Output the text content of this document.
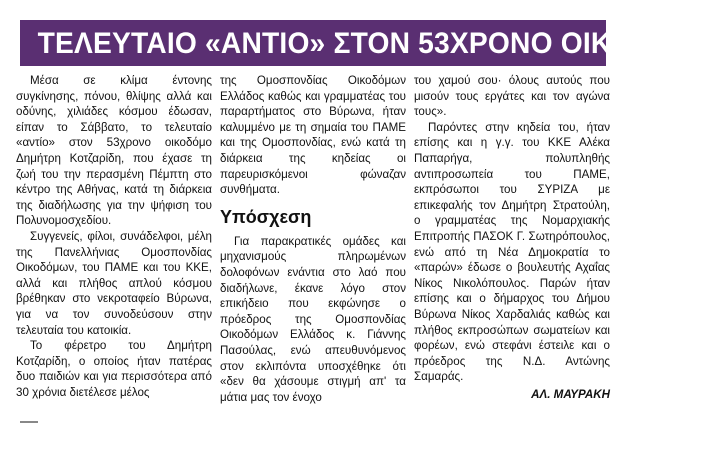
ΤΕΛΕΥΤΑΙΟ «ΑΝΤΙΟ» ΣΤΟΝ 53ΧΡΟΝΟ ΟΙΚΟΔΟΜΟ

Μέσα σε κλίμα έντονης συγκίνησης, πόνου, θλίψης αλλά και οδύνης, χιλιάδες κόσμου έδωσαν, είπαν το Σάββατο, το τελευταίο «αντίο» στον 53χρονο οικοδόμο Δημήτρη Κοτζαρίδη, που έχασε τη ζωή του την περασμένη Πέμπτη στο κέντρο της Αθήνας, κατά τη διάρκεια της διαδήλωσης για την ψήφιση του Πολυνομοσχεδίου.

Συγγενείς, φίλοι, συνάδελφοι, μέλη της Πανελλήνιας Ομοσπονδίας Οικοδόμων, του ΠΑΜΕ και του ΚΚΕ, αλλά και πλήθος απλού κόσμου βρέθηκαν στο νεκροταφείο Βύρωνα, για να τον συνοδεύσουν στην τελευταία του κατοικία.

Το φέρετρο του Δημήτρη Κοτζαρίδη, ο οποίος ήταν πατέρας δυο παιδιών και για περισσότερα από 30 χρόνια διετέλεσε μέλος

της Ομοσπονδίας Οικοδόμων Ελλάδος καθώς και γραμματέας του παραρτήματος στο Βύρωνα, ήταν καλυμμένο με τη σημαία του ΠΑΜΕ και της Ομοσπονδίας, ενώ κατά τη διάρκεια της κηδείας οι παρευρισκόμενοι φώναζαν συνθήματα.

Υπόσχεση

Για παρακρατικές ομάδες και μηχανισμούς πληρωμένων δολοφόνων ενάντια στο λαό που διαδήλωνε, έκανε λόγο στον επικήδειο που εκφώνησε ο πρόεδρος της Ομοσπονδίας Οικοδόμων Ελλάδος κ. Γιάννης Πασούλας, ενώ απευθυνόμενος στον εκλιπόντα υποσχέθηκε ότι «δεν θα χάσουμε στιγμή απ' τα μάτια μας τον ένοχο

του χαμού σου· όλους αυτούς που μισούν τους εργάτες και τον αγώνα τους».

Παρόντες στην κηδεία του, ήταν επίσης και η γ.γ. του ΚΚΕ Αλέκα Παπαρήγα, πολυπληθής αντιπροσωπεία του ΠΑΜΕ, εκπρόσωποι του ΣΥΡΙΖΑ με επικεφαλής τον Δημήτρη Στρατούλη, ο γραμματέας της Νομαρχιακής Επιτροπής ΠΑΣΟΚ Γ. Σωτηρόπουλος, ενώ από τη Νέα Δημοκρατία το «παρών» έδωσε ο βουλευτής Αχαΐας Νίκος Νικολόπουλος. Παρών ήταν επίσης και ο δήμαρχος του Δήμου Βύρωνα Νίκος Χαρδαλιάς καθώς και πλήθος εκπροσώπων σωματείων και φορέων, ενώ στεφάνι έστειλε και ο πρόεδρος της Ν.Δ. Αντώνης Σαμαράς.

ΑΛ. ΜΑΥΡΑΚΗ
